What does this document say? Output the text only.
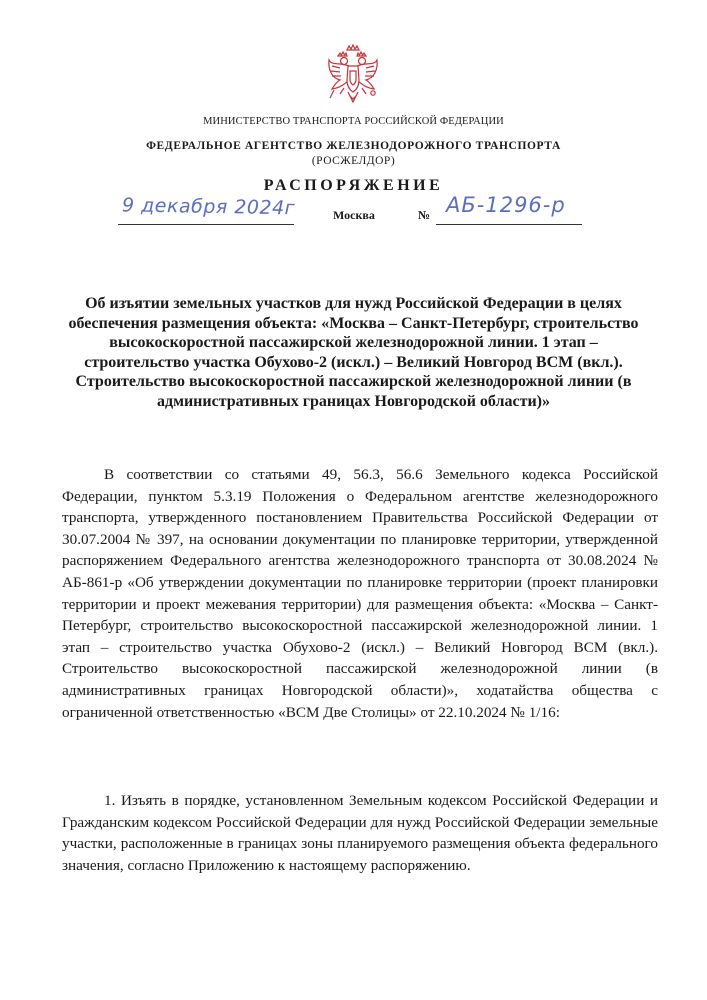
МИНИСТЕРСТВО ТРАНСПОРТА РОССИЙСКОЙ ФЕДЕРАЦИИ
ФЕДЕРАЛЬНОЕ АГЕНТСТВО ЖЕЛЕЗНОДОРОЖНОГО ТРАНСПОРТА
(РОСЖЕЛДОР)
РАСПОРЯЖЕНИЕ
9 декабря 2024г	Москва	№ АБ-1296-р
Об изъятии земельных участков для нужд Российской Федерации в целях обеспечения размещения объекта: «Москва – Санкт-Петербург, строительство высокоскоростной пассажирской железнодорожной линии. 1 этап – строительство участка Обухово-2 (искл.) – Великий Новгород ВСМ (вкл.). Строительство высокоскоростной пассажирской железнодорожной линии (в административных границах Новгородской области)»
В соответствии со статьями 49, 56.3, 56.6 Земельного кодекса Российской Федерации, пунктом 5.3.19 Положения о Федеральном агентстве железнодорожного транспорта, утвержденного постановлением Правительства Российской Федерации от 30.07.2004 № 397, на основании документации по планировке территории, утвержденной распоряжением Федерального агентства железнодорожного транспорта от 30.08.2024 № АБ-861-р «Об утверждении документации по планировке территории (проект планировки территории и проект межевания территории) для размещения объекта: «Москва – Санкт-Петербург, строительство высокоскоростной пассажирской железнодорожной линии. 1 этап – строительство участка Обухово-2 (искл.) – Великий Новгород ВСМ (вкл.). Строительство высокоскоростной пассажирской железнодорожной линии (в административных границах Новгородской области)», ходатайства общества с ограниченной ответственностью «ВСМ Две Столицы» от 22.10.2024 № 1/16:
1. Изъять в порядке, установленном Земельным кодексом Российской Федерации и Гражданским кодексом Российской Федерации для нужд Российской Федерации земельные участки, расположенные в границах зоны планируемого размещения объекта федерального значения, согласно Приложению к настоящему распоряжению.
